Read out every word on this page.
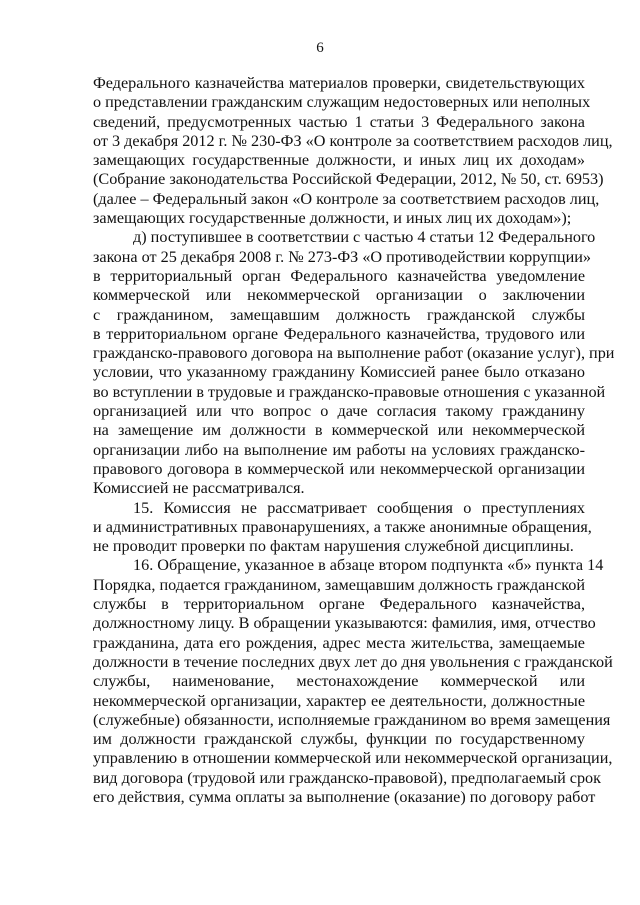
6

Федерального казначейства материалов проверки, свидетельствующих
о представлении гражданским служащим недостоверных или неполных
сведений, предусмотренных частью 1 статьи 3 Федерального закона
от 3 декабря 2012 г. № 230-ФЗ «О контроле за соответствием расходов лиц,
замещающих государственные должности, и иных лиц их доходам»
(Собрание законодательства Российской Федерации, 2012, № 50, ст. 6953)
(далее – Федеральный закон «О контроле за соответствием расходов лиц,
замещающих государственные должности, и иных лиц их доходам»);

д) поступившее в соответствии с частью 4 статьи 12 Федерального
закона от 25 декабря 2008 г. № 273-ФЗ «О противодействии коррупции»
в территориальный орган Федерального казначейства уведомление
коммерческой или некоммерческой организации о заключении
с гражданином, замещавшим должность гражданской службы
в территориальном органе Федерального казначейства, трудового или
гражданско-правового договора на выполнение работ (оказание услуг), при
условии, что указанному гражданину Комиссией ранее было отказано
во вступлении в трудовые и гражданско-правовые отношения с указанной
организацией или что вопрос о даче согласия такому гражданину
на замещение им должности в коммерческой или некоммерческой
организации либо на выполнение им работы на условиях гражданско-
правового договора в коммерческой или некоммерческой организации
Комиссией не рассматривался.

15. Комиссия не рассматривает сообщения о преступлениях
и административных правонарушениях, а также анонимные обращения,
не проводит проверки по фактам нарушения служебной дисциплины.

16. Обращение, указанное в абзаце втором подпункта «б» пункта 14
Порядка, подается гражданином, замещавшим должность гражданской
службы в территориальном органе Федерального казначейства,
должностному лицу. В обращении указываются: фамилия, имя, отчество
гражданина, дата его рождения, адрес места жительства, замещаемые
должности в течение последних двух лет до дня увольнения с гражданской
службы, наименование, местонахождение коммерческой или
некоммерческой организации, характер ее деятельности, должностные
(служебные) обязанности, исполняемые гражданином во время замещения
им должности гражданской службы, функции по государственному
управлению в отношении коммерческой или некоммерческой организации,
вид договора (трудовой или гражданско-правовой), предполагаемый срок
его действия, сумма оплаты за выполнение (оказание) по договору работ
